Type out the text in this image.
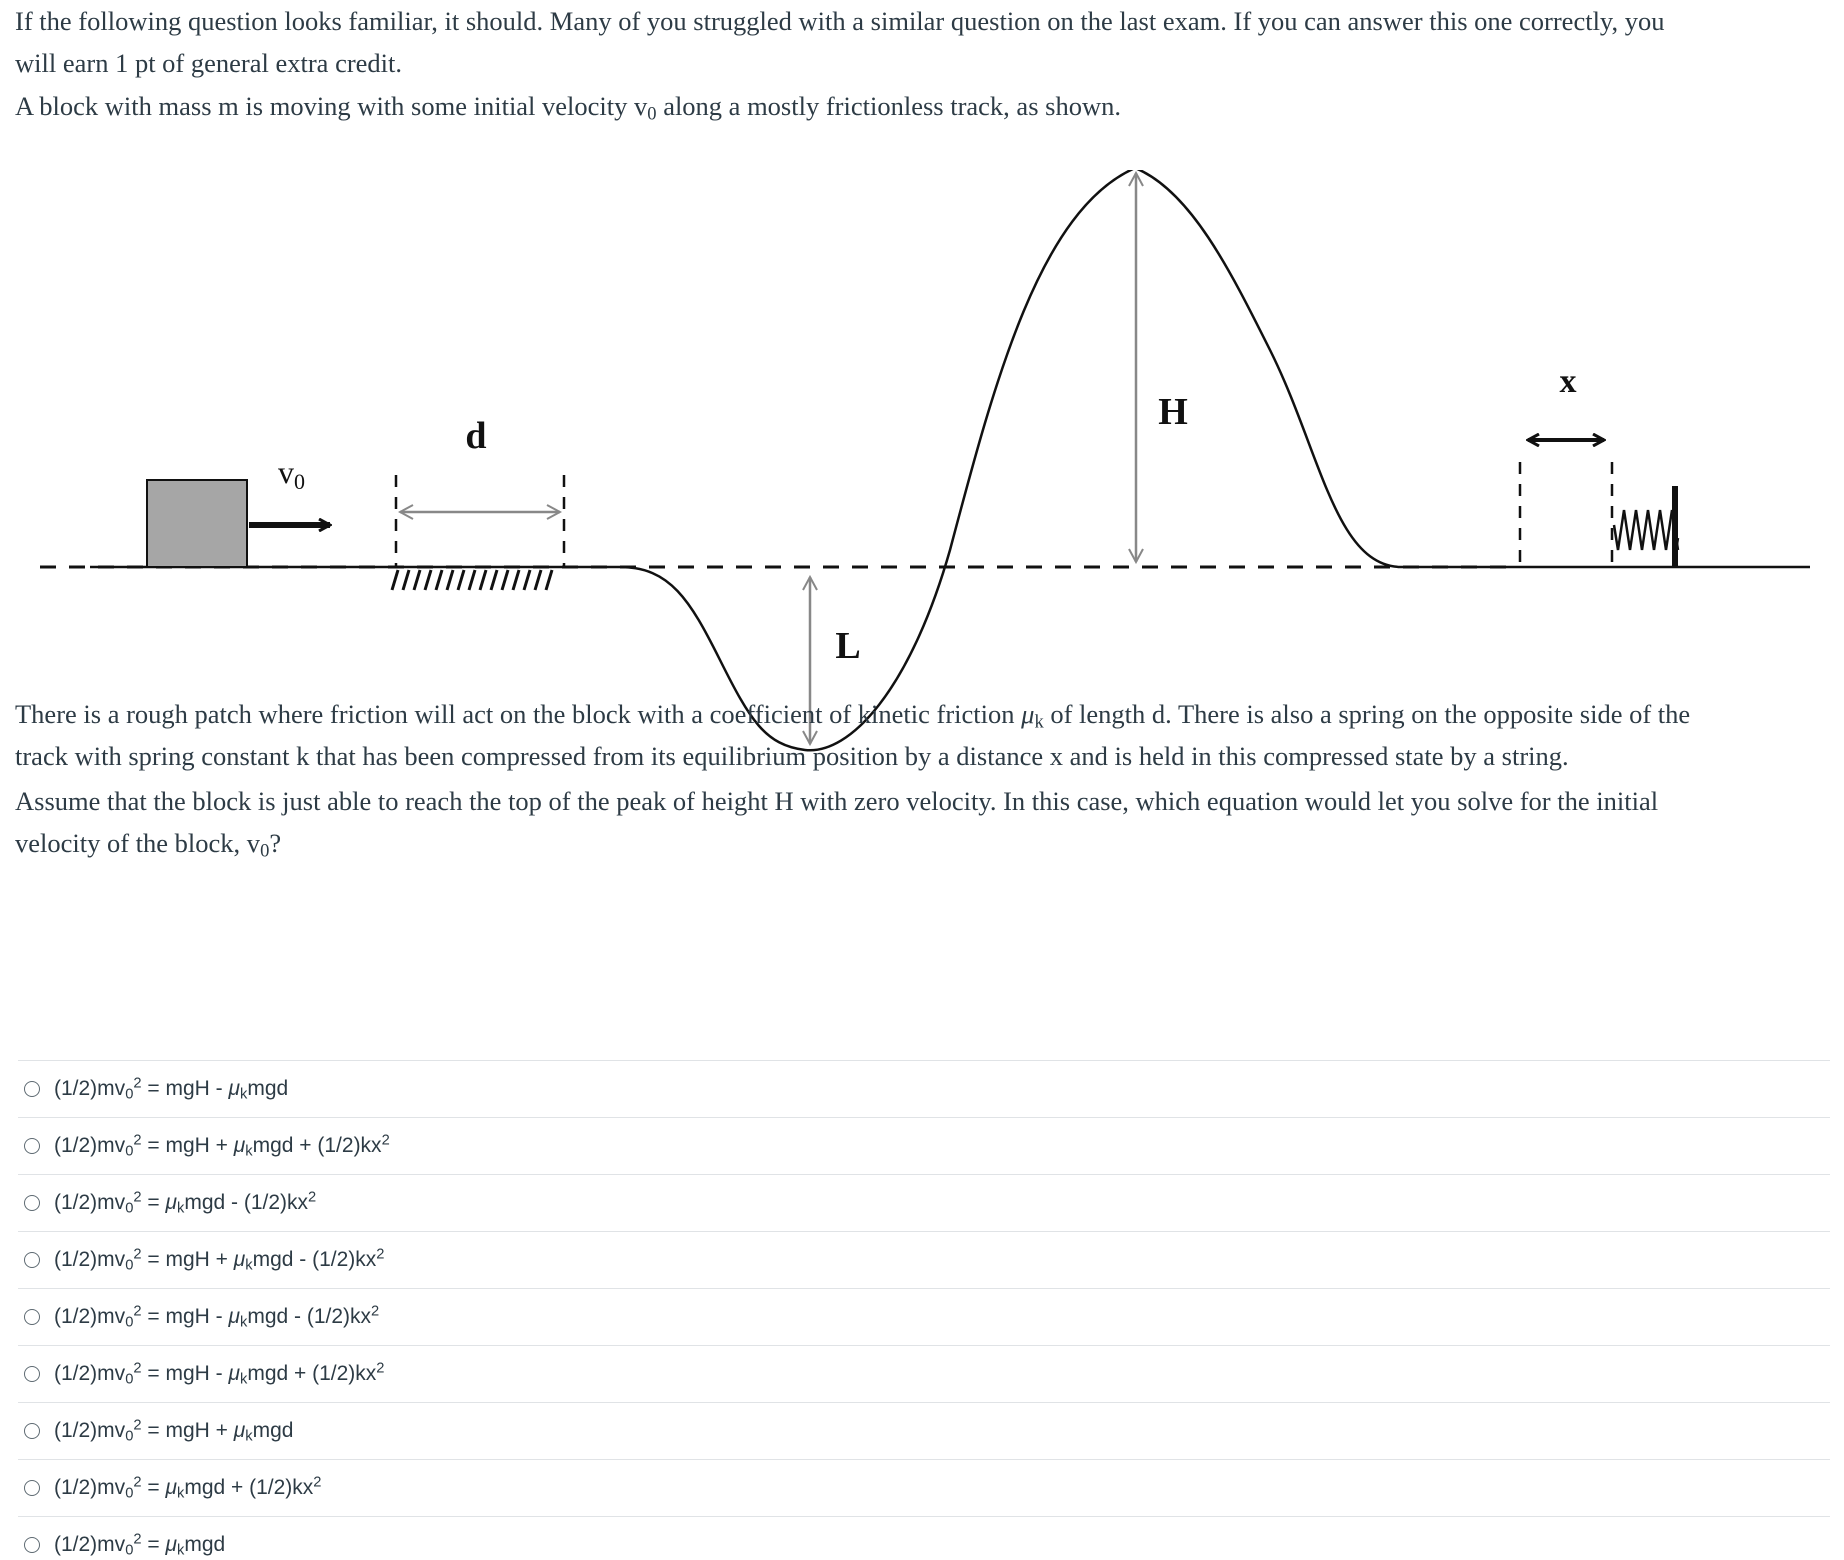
If the following question looks familiar, it should. Many of you struggled with a similar question on the last exam. If you can answer this one correctly, you
will earn 1 pt of general extra credit.

A block with mass m is moving with some initial velocity $v_0$ along a mostly frictionless track, as shown.

v0
d
L
H
x

There is a rough patch where friction will act on the block with a coefficient of kinetic friction $\mu_k$ of length d. There is also a spring on the opposite side of the
track with spring constant k that has been compressed from its equilibrium position by a distance x and is held in this compressed state by a string.

Assume that the block is just able to reach the top of the peak of height H with zero velocity. In this case, which equation would let you solve for the initial
velocity of the block, $v_0$?

$(1/2)mv_0^2$ = mgH - $\mu_kmgd$
$(1/2)mv_0^2$ = mgH + $\mu_kmgd + (1/2)kx^2$
$(1/2)mv_0^2 = \mu_kmgd - (1/2)kx^2$
$(1/2)mv_0^2$ = mgH + $\mu_kmgd - (1/2)kx^2$
$(1/2)mv_0^2$ = mgH - $\mu_kmgd - (1/2)kx^2$
$(1/2)mv_0^2$ = mgH - $\mu_kmgd + (1/2)kx^2$
$(1/2)mv_0^2$ = mgH + $\mu_kmgd$
$(1/2)mv_0^2 = \mu_kmgd + (1/2)kx^2$
$(1/2)mv_0^2 = \mu_kmgd$
